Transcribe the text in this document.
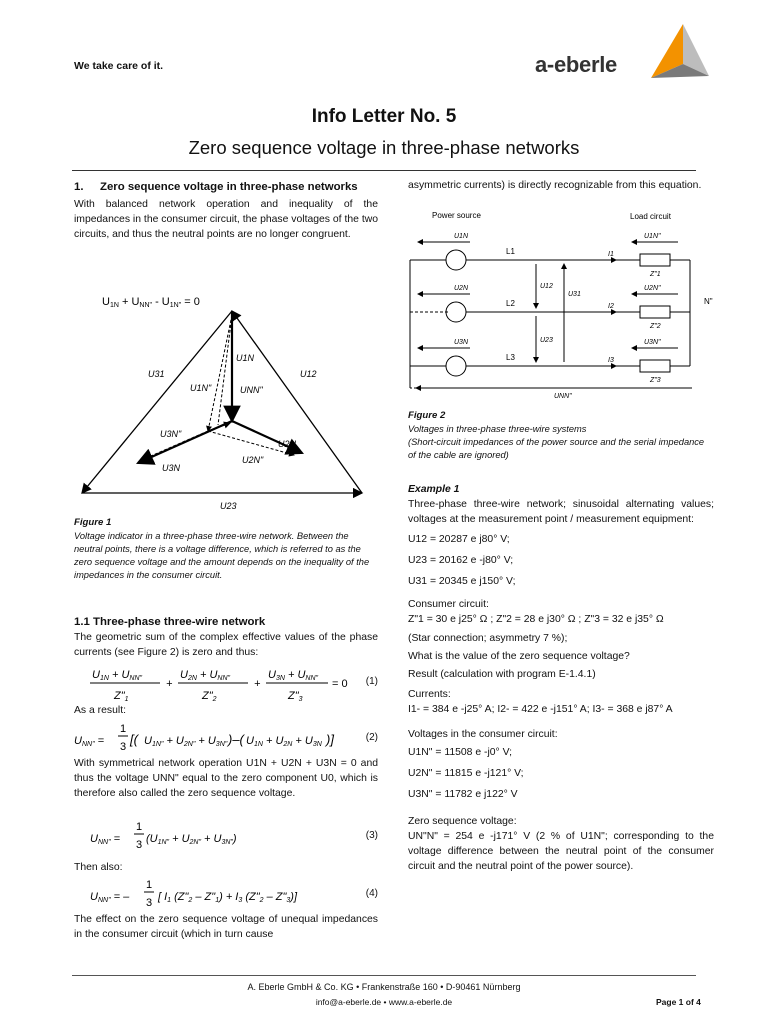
We take care of it.	a-eberle
Info Letter No. 5
Zero sequence voltage in three-phase networks
1. Zero sequence voltage in three-phase networks

With balanced network operation and inequality of the impedances in the consumer circuit, the phase voltages of the two circuits, and thus the neutral points are no longer congruent.

U1N + UNN" - U1N" = 0
U31	U12
U23
U1N
U1N"	UNN"
U2N
U2N"
U3N
U3N"
Figure 1
Voltage indicator in a three-phase three-wire network. Between the neutral points, there is a voltage difference, which is referred to as the zero sequence voltage and the amount depends on the inequality of the impedances in the consumer circuit.
1.1 Three-phase three-wire network

The geometric sum of the complex effective values of the phase currents (see Figure 2) is zero and thus:

U1N + UNN"
Z"1
+
U2N + UNN"
Z"2
+
U3N + UNN"
Z"3
= 0 (1)
As a result:
UNN" =
1
3 [( U1N" + U2N" + U3N" )–( U1N + U2N + U3N )]	(2)

With symmetrical network operation U1N + U2N + U3N = 0 and thus the voltage UNN" equal to the zero component U0, which is therefore also called the zero sequence voltage.

UNN" =
1
3 (U1N" + U2N" + U3N")	(3)
Then also:
UNN" = –
1
3 [ I1 (Z"2 – Z"1) + I3 (Z"2 – Z"3)]	(4)

The effect on the zero sequence voltage of unequal impedances in the consumer circuit (which in turn cause

asymmetric currents) is directly recognizable from this equation.

Power source	Load circuit
L1
L2
L3
N"
U1N
U2N
U3N
U1N"
U2N"
U3N"
Z"1
Z"2
Z"3
U12
U23
U31
I1
I2
I3
UNN"
Figure 2
Voltages in three-phase three-wire systems
(Short-circuit impedances of the power source and the serial impedance of the cable are ignored)
Example 1

Three-phase three-wire network; sinusoidal alternating values; voltages at the measurement point / measurement equipment:

U12 = 20287 e j80° V;
U23 = 20162 e -j80° V;
U31 = 20345 e j150° V;
Consumer circuit:
Z"1 = 30 e j25° Ω ; Z"2 = 28 e j30° Ω ; Z"3 = 32 e j35° Ω
(Star connection; asymmetry 7 %);
What is the value of the zero sequence voltage?
Result (calculation with program E-1.4.1)
Currents:
I1- = 384 e -j25° A; I2- = 422 e -j151° A; I3- = 368 e j87° A
Voltages in the consumer circuit:
U1N" = 11508 e -j0° V;
U2N" = 11815 e -j121° V;
U3N" = 11782 e j122° V
Zero sequence voltage:

UN"N" = 254 e -j171° V (2 % of U1N"; corresponding to the voltage difference between the neutral point of the consumer circuit and the neutral point of the power source).

A. Eberle GmbH & Co. KG • Frankenstraße 160 • D-90461 Nürnberg
info@a-eberle.de • www.a-eberle.de	Page 1 of 4
